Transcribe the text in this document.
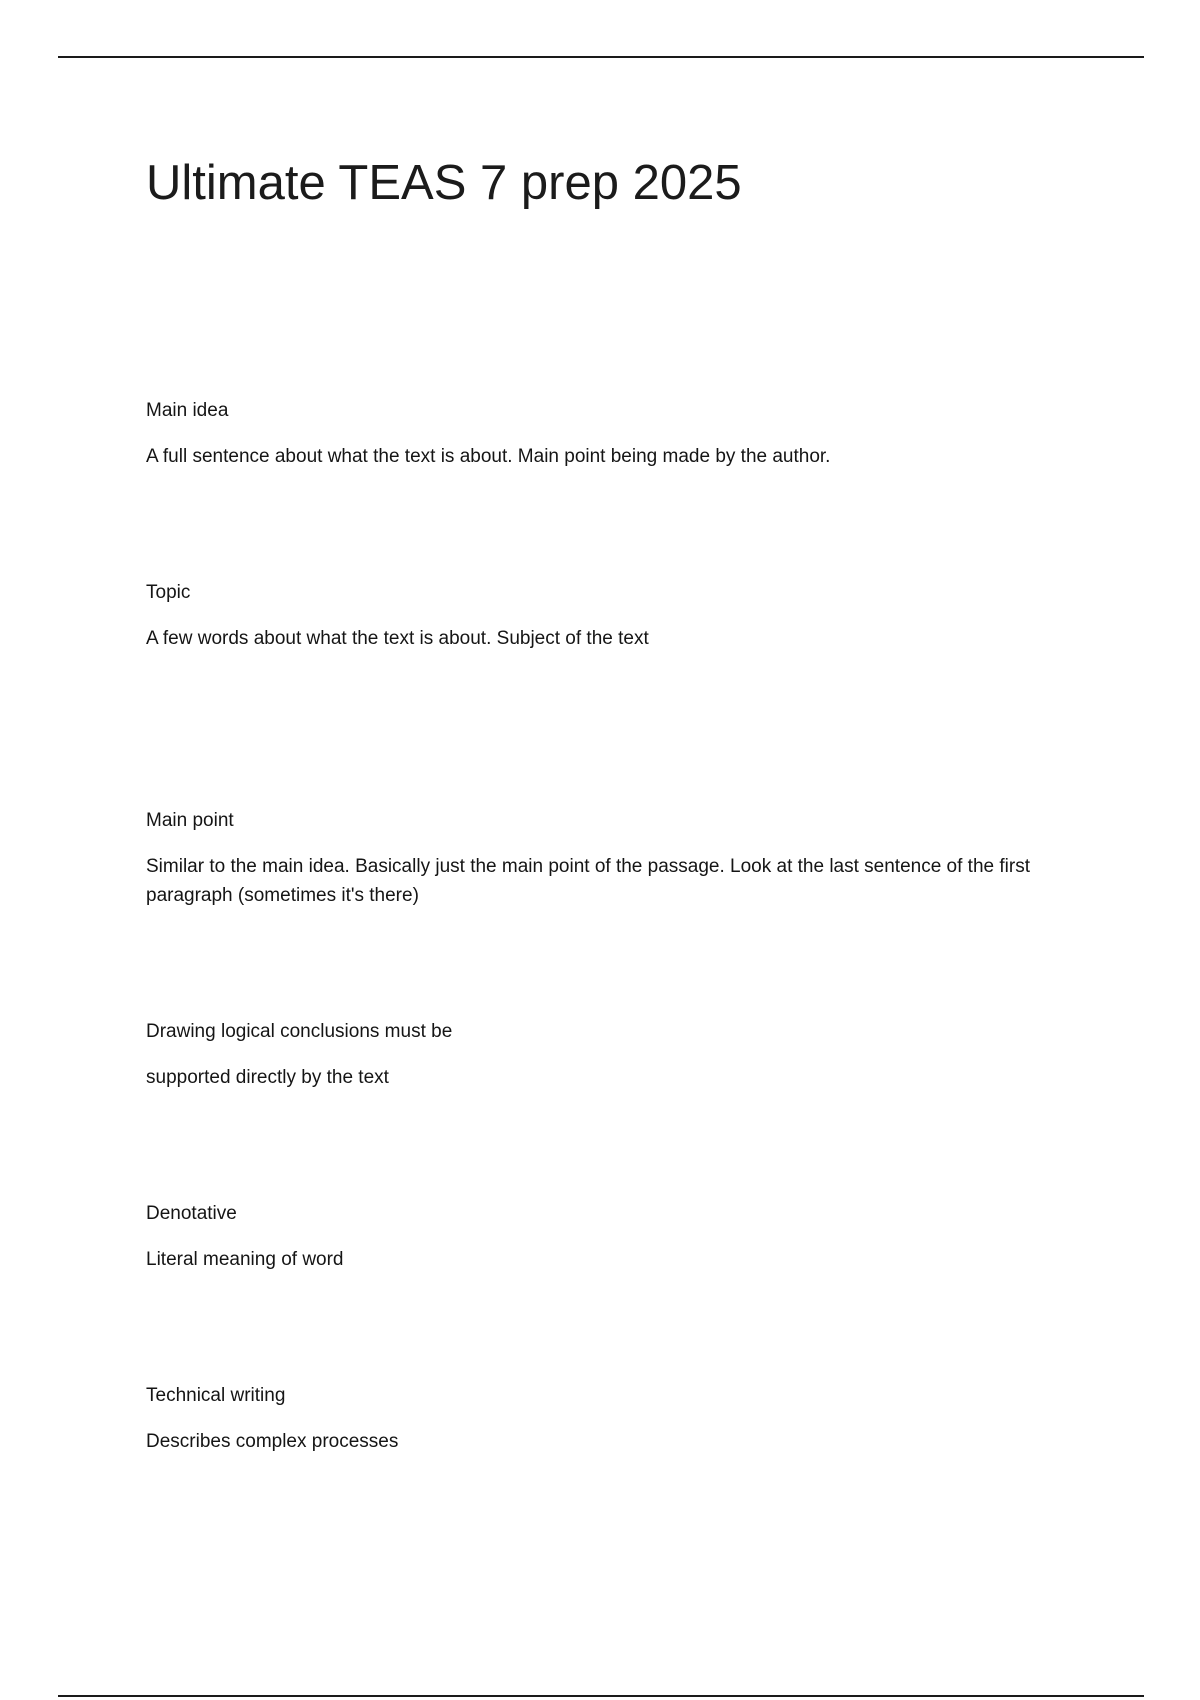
Ultimate TEAS 7 prep 2025

Main idea

A full sentence about what the text is about. Main point being made by the author.

Topic

A few words about what the text is about. Subject of the text

Main point

Similar to the main idea. Basically just the main point of the passage. Look at the last sentence of the first paragraph (sometimes it's there)

Drawing logical conclusions must be

supported directly by the text

Denotative

Literal meaning of word

Technical writing

Describes complex processes
